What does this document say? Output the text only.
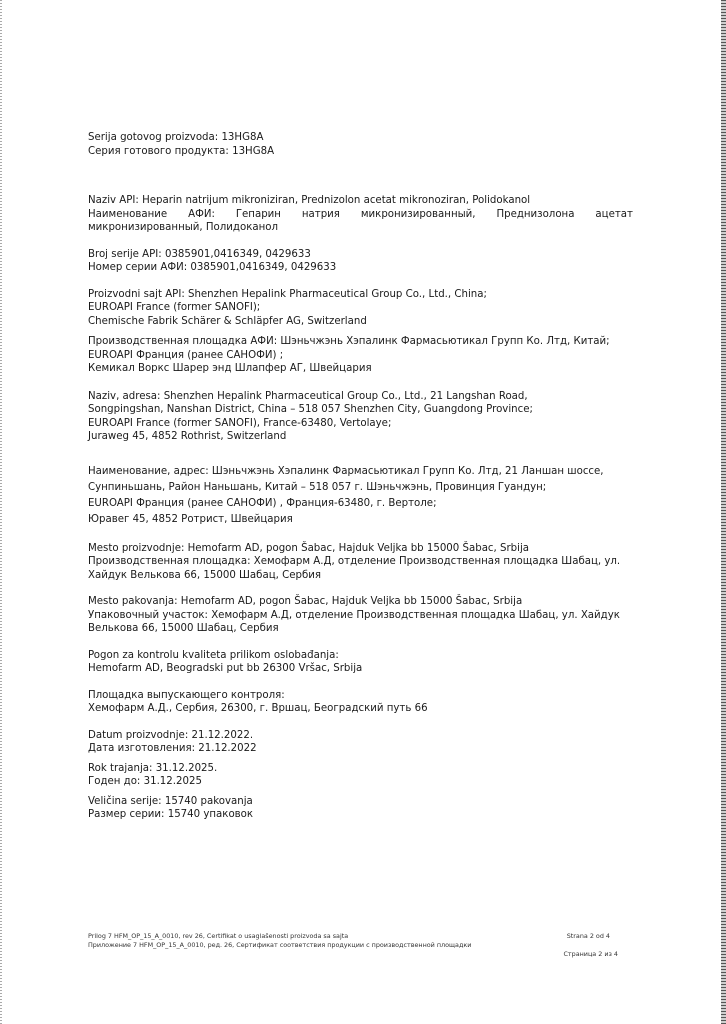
Serija gotovog proizvoda: 13HG8A
Серия готового продукта: 13HG8A
Naziv API: Heparin natrijum mikroniziran, Prednizolon acetat mikronoziran, Polidokanol
Наименование АФИ: Гепарин натрия микронизированный, Преднизолона ацетат
микронизированный, Полидоканол
Broj serije API: 0385901,0416349, 0429633
Номер серии АФИ: 0385901,0416349, 0429633
Proizvodni sajt API: Shenzhen Hepalink Pharmaceutical Group Co., Ltd., China;
EUROAPI France (former SANOFI);
Chemische Fabrik Schärer & Schläpfer AG, Switzerland
Производственная площадка АФИ: Шэньчжэнь Хэпалинк Фармасьютикал Групп Ко. Лтд, Китай;
EUROAPI Франция (ранее САНОФИ) ;
Кемикал Воркс Шарер энд Шлапфер АГ, Швейцария
Naziv, adresa: Shenzhen Hepalink Pharmaceutical Group Co., Ltd., 21 Langshan Road,
Songpingshan, Nanshan District, China – 518 057 Shenzhen City, Guangdong Province;
EUROAPI France (former SANOFI), France-63480, Vertolaye;
Juraweg 45, 4852 Rothrist, Switzerland
Наименование, адрес: Шэньчжэнь Хэпалинк Фармасьютикал Групп Ко. Лтд, 21 Ланшан шоссе,
Сунпиньшань, Район Наньшань, Китай – 518 057 г. Шэньчжэнь, Провинция Гуандун;
EUROAPI Франция (ранее САНОФИ) , Франция-63480, г. Вертоле;
Юравег 45, 4852 Ротрист, Швейцария
Mesto proizvodnje: Hemofarm AD, pogon Šabac, Hajduk Veljka bb 15000 Šabac, Srbija
Производственная площадка: Хемофарм А.Д, отделение Производственная площадка Шабац, ул.
Хайдук Велькова 66, 15000 Шабац, Сербия
Mesto pakovanja: Hemofarm AD, pogon Šabac, Hajduk Veljka bb 15000 Šabac, Srbija
Упаковочный участок: Хемофарм А.Д, отделение Производственная площадка Шабац, ул. Хайдук
Велькова 66, 15000 Шабац, Сербия
Pogon za kontrolu kvaliteta prilikom oslobađanja:
Hemofarm AD, Beogradski put bb 26300 Vršac, Srbija
Площадка выпускающего контроля:
Хемофарм А.Д., Сербия, 26300, г. Вршац, Београдский путь 66
Datum proizvodnje: 21.12.2022.
Дата изготовления: 21.12.2022
Rok trajanja: 31.12.2025.
Годен до: 31.12.2025
Veličina serije: 15740 pakovanja
Размер серии: 15740 упаковок
Prilog 7 HFM_OP_15_A_0010, rev 26, Certifikat o usaglašenosti proizvoda sa sajta	Strana 2 od 4
Приложение 7 HFM_OP_15_A_0010, ред. 26, Сертификат соответствия продукции с производственной площадки
Страница 2 из 4
